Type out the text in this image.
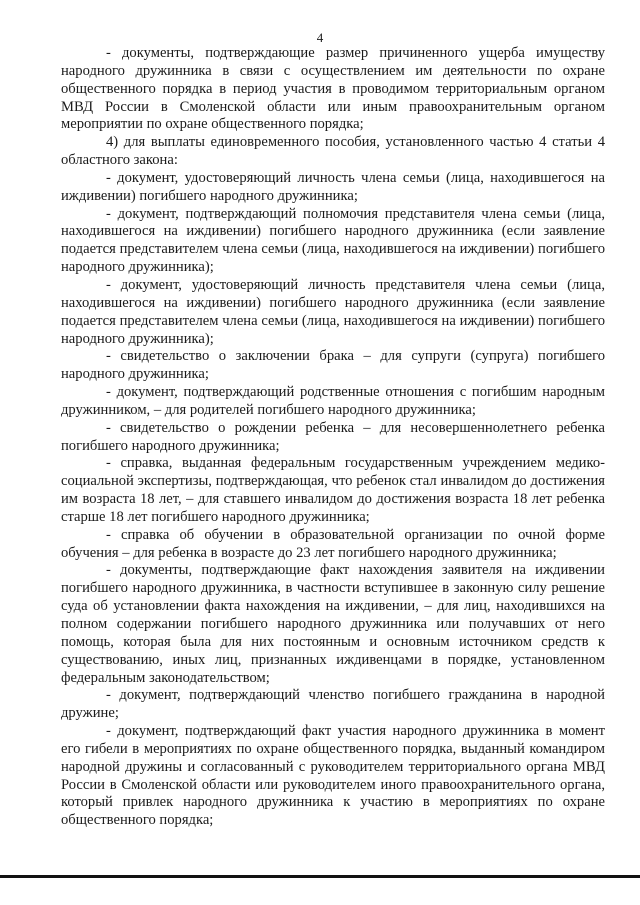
4

- документы, подтверждающие размер причиненного ущерба имуществу народного дружинника в связи с осуществлением им деятельности по охране общественного порядка в период участия в проводимом территориальным органом МВД России в Смоленской области или иным правоохранительным органом мероприятии по охране общественного порядка;

4) для выплаты единовременного пособия, установленного частью 4 статьи 4 областного закона:

- документ, удостоверяющий личность члена семьи (лица, находившегося на иждивении) погибшего народного дружинника;

- документ, подтверждающий полномочия представителя члена семьи (лица, находившегося на иждивении) погибшего народного дружинника (если заявление подается представителем члена семьи (лица, находившегося на иждивении) погибшего народного дружинника);

- документ, удостоверяющий личность представителя члена семьи (лица, находившегося на иждивении) погибшего народного дружинника (если заявление подается представителем члена семьи (лица, находившегося на иждивении) погибшего народного дружинника);

- свидетельство о заключении брака – для супруги (супруга) погибшего народного дружинника;

- документ, подтверждающий родственные отношения с погибшим народным дружинником, – для родителей погибшего народного дружинника;

- свидетельство о рождении ребенка – для несовершеннолетнего ребенка погибшего народного дружинника;

- справка, выданная федеральным государственным учреждением медико-социальной экспертизы, подтверждающая, что ребенок стал инвалидом до достижения им возраста 18 лет, – для ставшего инвалидом до достижения возраста 18 лет ребенка старше 18 лет погибшего народного дружинника;

- справка об обучении в образовательной организации по очной форме обучения – для ребенка в возрасте до 23 лет погибшего народного дружинника;

- документы, подтверждающие факт нахождения заявителя на иждивении погибшего народного дружинника, в частности вступившее в законную силу решение суда об установлении факта нахождения на иждивении, – для лиц, находившихся на полном содержании погибшего народного дружинника или получавших от него помощь, которая была для них постоянным и основным источником средств к существованию, иных лиц, признанных иждивенцами в порядке, установленном федеральным законодательством;

- документ, подтверждающий членство погибшего гражданина в народной дружине;

- документ, подтверждающий факт участия народного дружинника в момент его гибели в мероприятиях по охране общественного порядка, выданный командиром народной дружины и согласованный с руководителем территориального органа МВД России в Смоленской области или руководителем иного правоохранительного органа, который привлек народного дружинника к участию в мероприятиях по охране общественного порядка;
